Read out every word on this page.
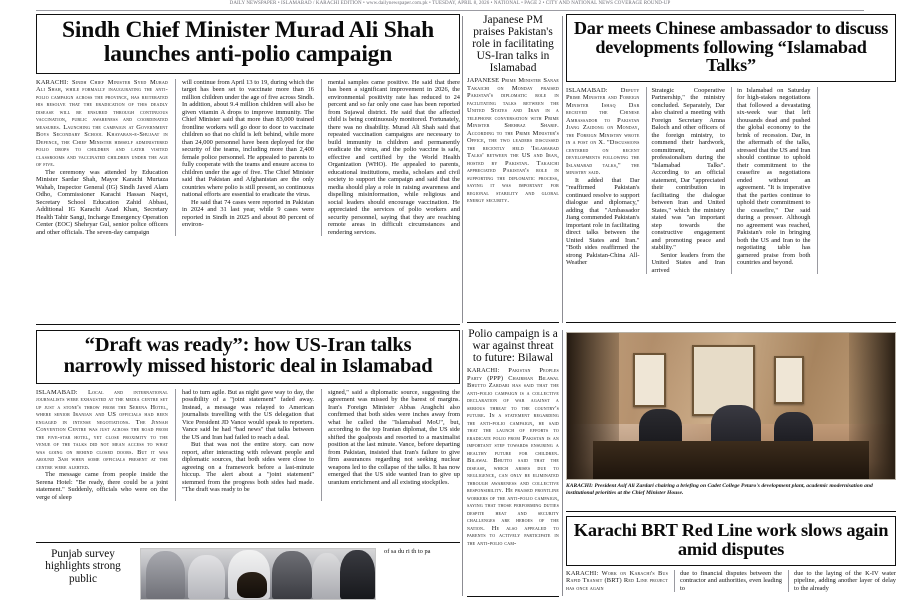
DAILY NEWSPAPER • ISLAMABAD / KARACHI EDITION • www.dailynewspaper.com.pk • TUESDAY, APRIL 8, 2026 • NATIONAL • PAGE 2 • CITY AND NATIONAL NEWS COVERAGE ROUND-UP
Sindh Chief Minister Murad Ali Shah launches anti-polio campaign

KARACHI: Sindh Chief Minister Syed Murad Ali Shah, while formally inaugurating the anti-polio campaign across the province, has reiterated his resolve that the eradication of this deadly disease will be ensured through continuous vaccination, public awareness and coordinated measures. Launching the campaign at Government Boys Secondary School Khayaban-e-Shujaat in Defence, the Chief Minister himself administered polio drops to children and later visited classrooms and vaccinated children under the age of five.

The ceremony was attended by Education Minister Sardar Shah, Mayor Karachi Murtaza Wahab, Inspector General (IG) Sindh Javed Alam Odho, Commissioner Karachi Hassan Naqvi, Secretary School Education Zahid Abbasi, Additional IG Karachi Azad Khan, Secretary Health Tahir Sangi, Incharge Emergency Operation Center (EOC) Shehryar Gul, senior police officers and other officials. The seven-day campaign

will continue from April 13 to 19, during which the target has been set to vaccinate more than 16 million children under the age of five across Sindh. In addition, about 9.4 million children will also be given vitamin A drops to improve immunity. The Chief Minister said that more than 83,000 trained frontline workers will go door to door to vaccinate children so that no child is left behind, while more than 24,000 personnel have been deployed for the security of the teams, including more than 2,400 female police personnel. He appealed to parents to fully cooperate with the teams and ensure access to children under the age of five. The Chief Minister said that Pakistan and Afghanistan are the only countries where polio is still present, so continuous national efforts are essential to eradicate the virus.

He said that 74 cases were reported in Pakistan in 2024 and 31 last year, while 9 cases were reported in Sindh in 2025 and about 80 percent of environ-

mental samples came positive. He said that there has been a significant improvement in 2026, the environmental positivity rate has reduced to 24 percent and so far only one case has been reported from Sujawal district. He said that the affected child is being continuously monitored. Fortunately, there was no disability. Murad Ali Shah said that repeated vaccination campaigns are necessary to build immunity in children and permanently eradicate the virus, and the polio vaccine is safe, effective and certified by the World Health Organization (WHO). He appealed to parents, educational institutions, media, scholars and civil society to support the campaign and said that the media should play a role in raising awareness and dispelling misinformation, while religious and social leaders should encourage vaccination. He appreciated the services of polio workers and security personnel, saying that they are reaching remote areas in difficult circumstances and rendering services.

Japanese PM praises Pakistan's role in facilitating US-Iran talks in Islamabad

JAPANESE Prime Minister Sanae Takaichi on Monday praised Pakistan's diplomatic role in facilitating talks between the United States and Iran in a telephone conversation with Prime Minister Shehbaz Sharif. According to the Prime Minister's Office, the two leaders discussed the recently held 'Islamabad Talks' between the US and Iran, hosted by Pakistan. Takaichi appreciated Pakistan's role in supporting the diplomatic process, saying it was important for regional stability and global energy security.

Dar meets Chinese ambassador to discuss developments following “Islamabad Talks”

ISLAMABAD: Deputy Prime Minister and Foreign Minister Ishaq Dar received the Chinese Ambassador to Pakistan Jiang Zaidong on Monday, the Foreign Ministry wrote in a post on X. "Discussions centered on recent developments following the Islamabad talks," the ministry said.

It added that Dar "reaffirmed Pakistan's continued resolve to support dialogue and diplomacy," adding that "Ambassador Jiang commended Pakistan's important role in facilitating direct talks between the United States and Iran." "Both sides reaffirmed the strong Pakistan-China All-Weather

Strategic Cooperative Partnership," the ministry concluded. Separately, Dar also chaired a meeting with Foreign Secretary Amna Baloch and other officers of the foreign ministry, to commend their hardwork, commitment, and professionalism during the "Islamabad Talks". According to an official statement, Dar "appreciated their contribution in facilitating the dialogue between Iran and United States," which the ministry stated was "an important step towards the constructive engagement and promoting peace and stability."

Senior leaders from the United States and Iran arrived

in Islamabad on Saturday for high-stakes negotiations that followed a devastating six-week war that left thousands dead and pushed the global economy to the brink of recession. Dar, in the aftermath of the talks, stressed that the US and Iran should continue to uphold their commitment to the ceasefire as negotiations ended without an agreement. "It is imperative that the parties continue to uphold their commitment to the ceasefire," Dar said during a presser. Although no agreement was reached, Pakistan's role in bringing both the US and Iran to the negotiating table has garnered praise from both countries and beyond.

“Draft was ready”: how US-Iran talks narrowly missed historic deal in Islamabad

ISLAMABAD: Local and international journalists were exhausted at the media centre set up just a stone's throw from the Serena Hotel, where senior Iranian and US officials had been engaged in intense negotiations. The Jinnah Convention Centre was just across the road from the five-star hotel, yet close proximity to the venue of the talks did not mean access to what was going on behind closed doors. But it was around 3am when some officials present at the centre were alerted.

The message came from people inside the Serena Hotel: "Be ready, there could be a joint statement." Suddenly, officials who were on the verge of sleep

had to turn agile. But as night gave way to day, the possibility of a "joint statement" faded away. Instead, a message was relayed to American journalists travelling with the US delegation that Vice President JD Vance would speak to reporters. Vance said he had "bad news" that talks between the US and Iran had failed to reach a deal.

But that was not the entire story. can now report, after interacting with relevant people and diplomatic sources, that both sides were close to agreeing on a framework before a last-minute hiccup. The alert about a "joint statement" stemmed from the progress both sides had made. "The draft was ready to be

signed," said a diplomatic source, suggesting the agreement was missed by the barest of margins. Iran's Foreign Minister Abbas Araghchi also confirmed that both sides were inches away from what he called the "Islamabad MoU", but, according to the top Iranian diplomat, the US side shifted the goalposts and resorted to a maximalist position at the last minute. Vance, before departing from Pakistan, insisted that Iran's failure to give firm assurances regarding not seeking nuclear weapons led to the collapse of the talks. It has now emerged that the US side wanted Iran to give up uranium enrichment and all existing stockpiles.

Polio campaign is a war against threat to future: Bilawal

KARACHI: Pakistan Peoples Party (PPP) Chairman Bilawal Bhutto Zardari has said that the anti-polio campaign is a collective declaration of war against a serious threat to the country's future. In a statement regarding the anti-polio campaign, he said that the launch of efforts to eradicate polio from Pakistan is an important step towards ensuring a healthy future for children. Bilawal Bhutto said that the disease, which arises due to negligence, can only be eliminated through awareness and collective responsibility. He praised frontline workers of the anti-polio campaign, saying that those performing duties despite heat and security challenges are heroes of the nation. He also appealed to parents to actively participate in the anti-polio cam-

KARACHI: President Asif Ali Zardari chairing a briefing on Cadet College Petaro's development plant, academic modernisation and institutional priorities at the Chief Minister House.
Karachi BRT Red Line work slows again amid disputes

KARACHI: Work on Karachi's Bus Rapid Transit (BRT) Red Line project has once again

due to financial disputes between the contractor and authorities, even leading to

due to the laying of the K-IV water pipeline, adding another layer of delay to the already

Punjab survey highlights strong public

of sa du ri th to pa
